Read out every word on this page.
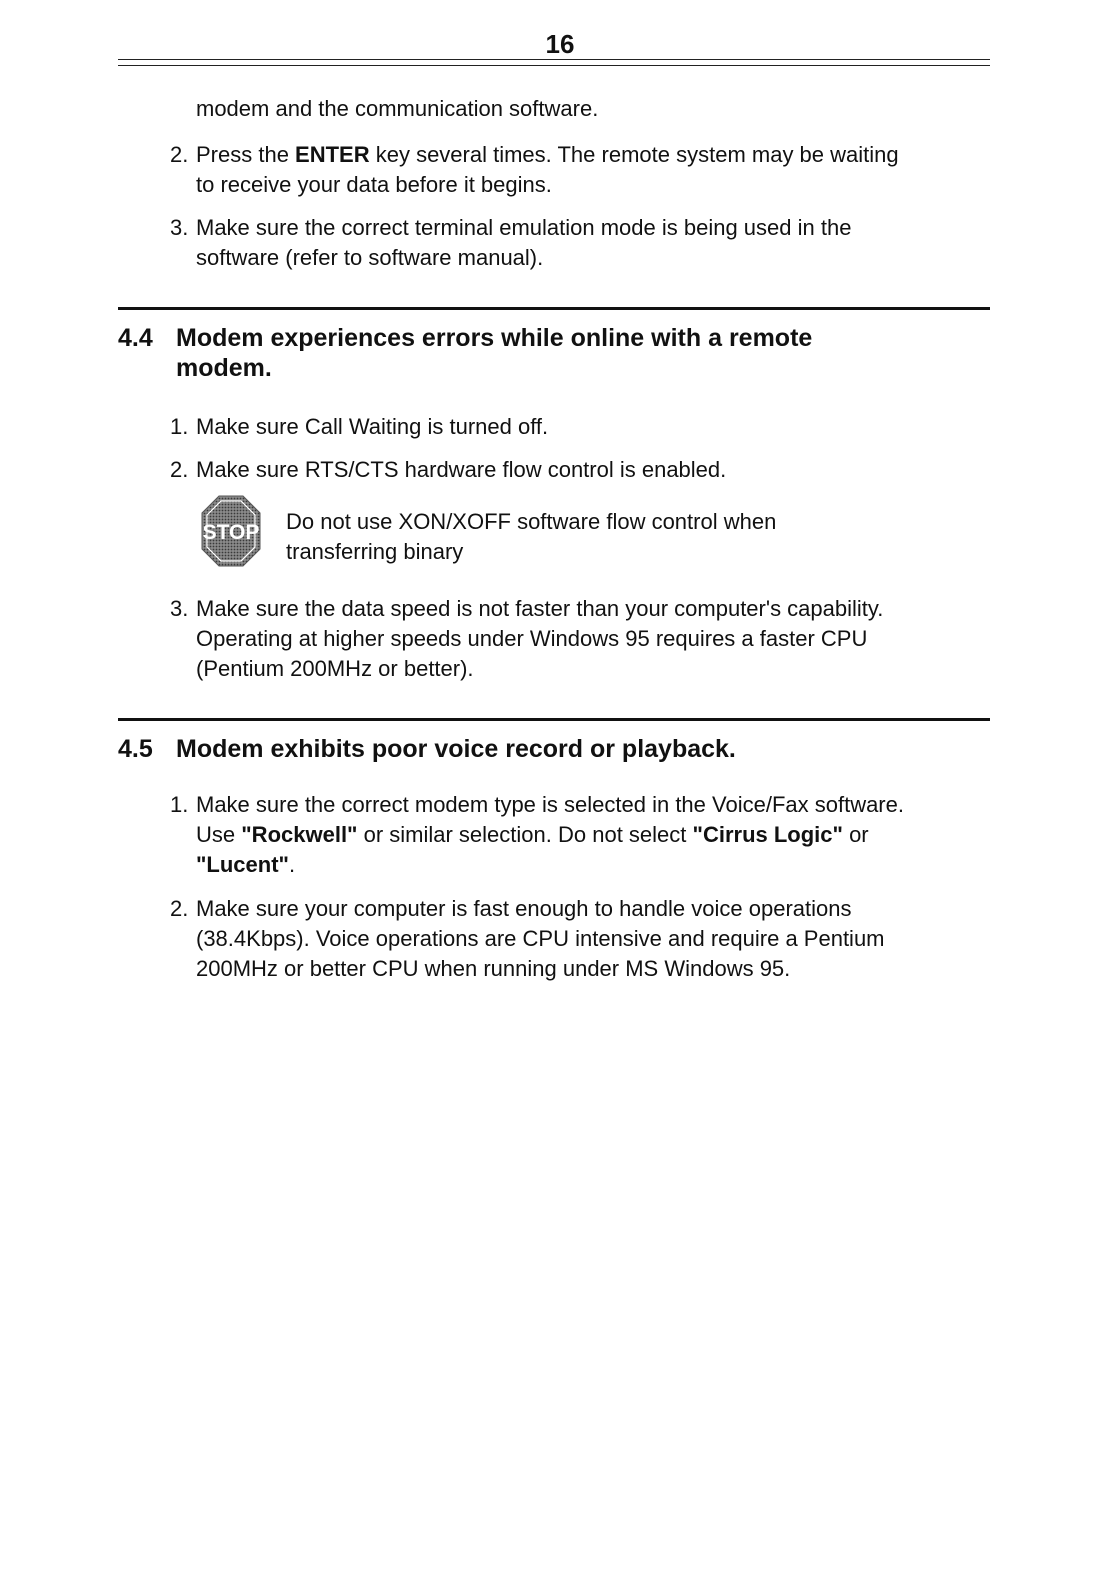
16
modem and the communication software.
2. Press the ENTER key several times. The remote system may be waiting
to receive your data before it begins.
3. Make sure the correct terminal emulation mode is being used in the
software (refer to software manual).
4.4 Modem experiences errors while online with a remote
modem.
1. Make sure Call Waiting is turned off.
2. Make sure RTS/CTS hardware flow control is enabled.
STOP Do not use XON/XOFF software flow control when
transferring binary
3. Make sure the data speed is not faster than your computer's capability.
Operating at higher speeds under Windows 95 requires a faster CPU
(Pentium 200MHz or better).
4.5 Modem exhibits poor voice record or playback.
1. Make sure the correct modem type is selected in the Voice/Fax software.
Use "Rockwell" or similar selection. Do not select "Cirrus Logic" or
"Lucent".
2. Make sure your computer is fast enough to handle voice operations
(38.4Kbps). Voice operations are CPU intensive and require a Pentium
200MHz or better CPU when running under MS Windows 95.
